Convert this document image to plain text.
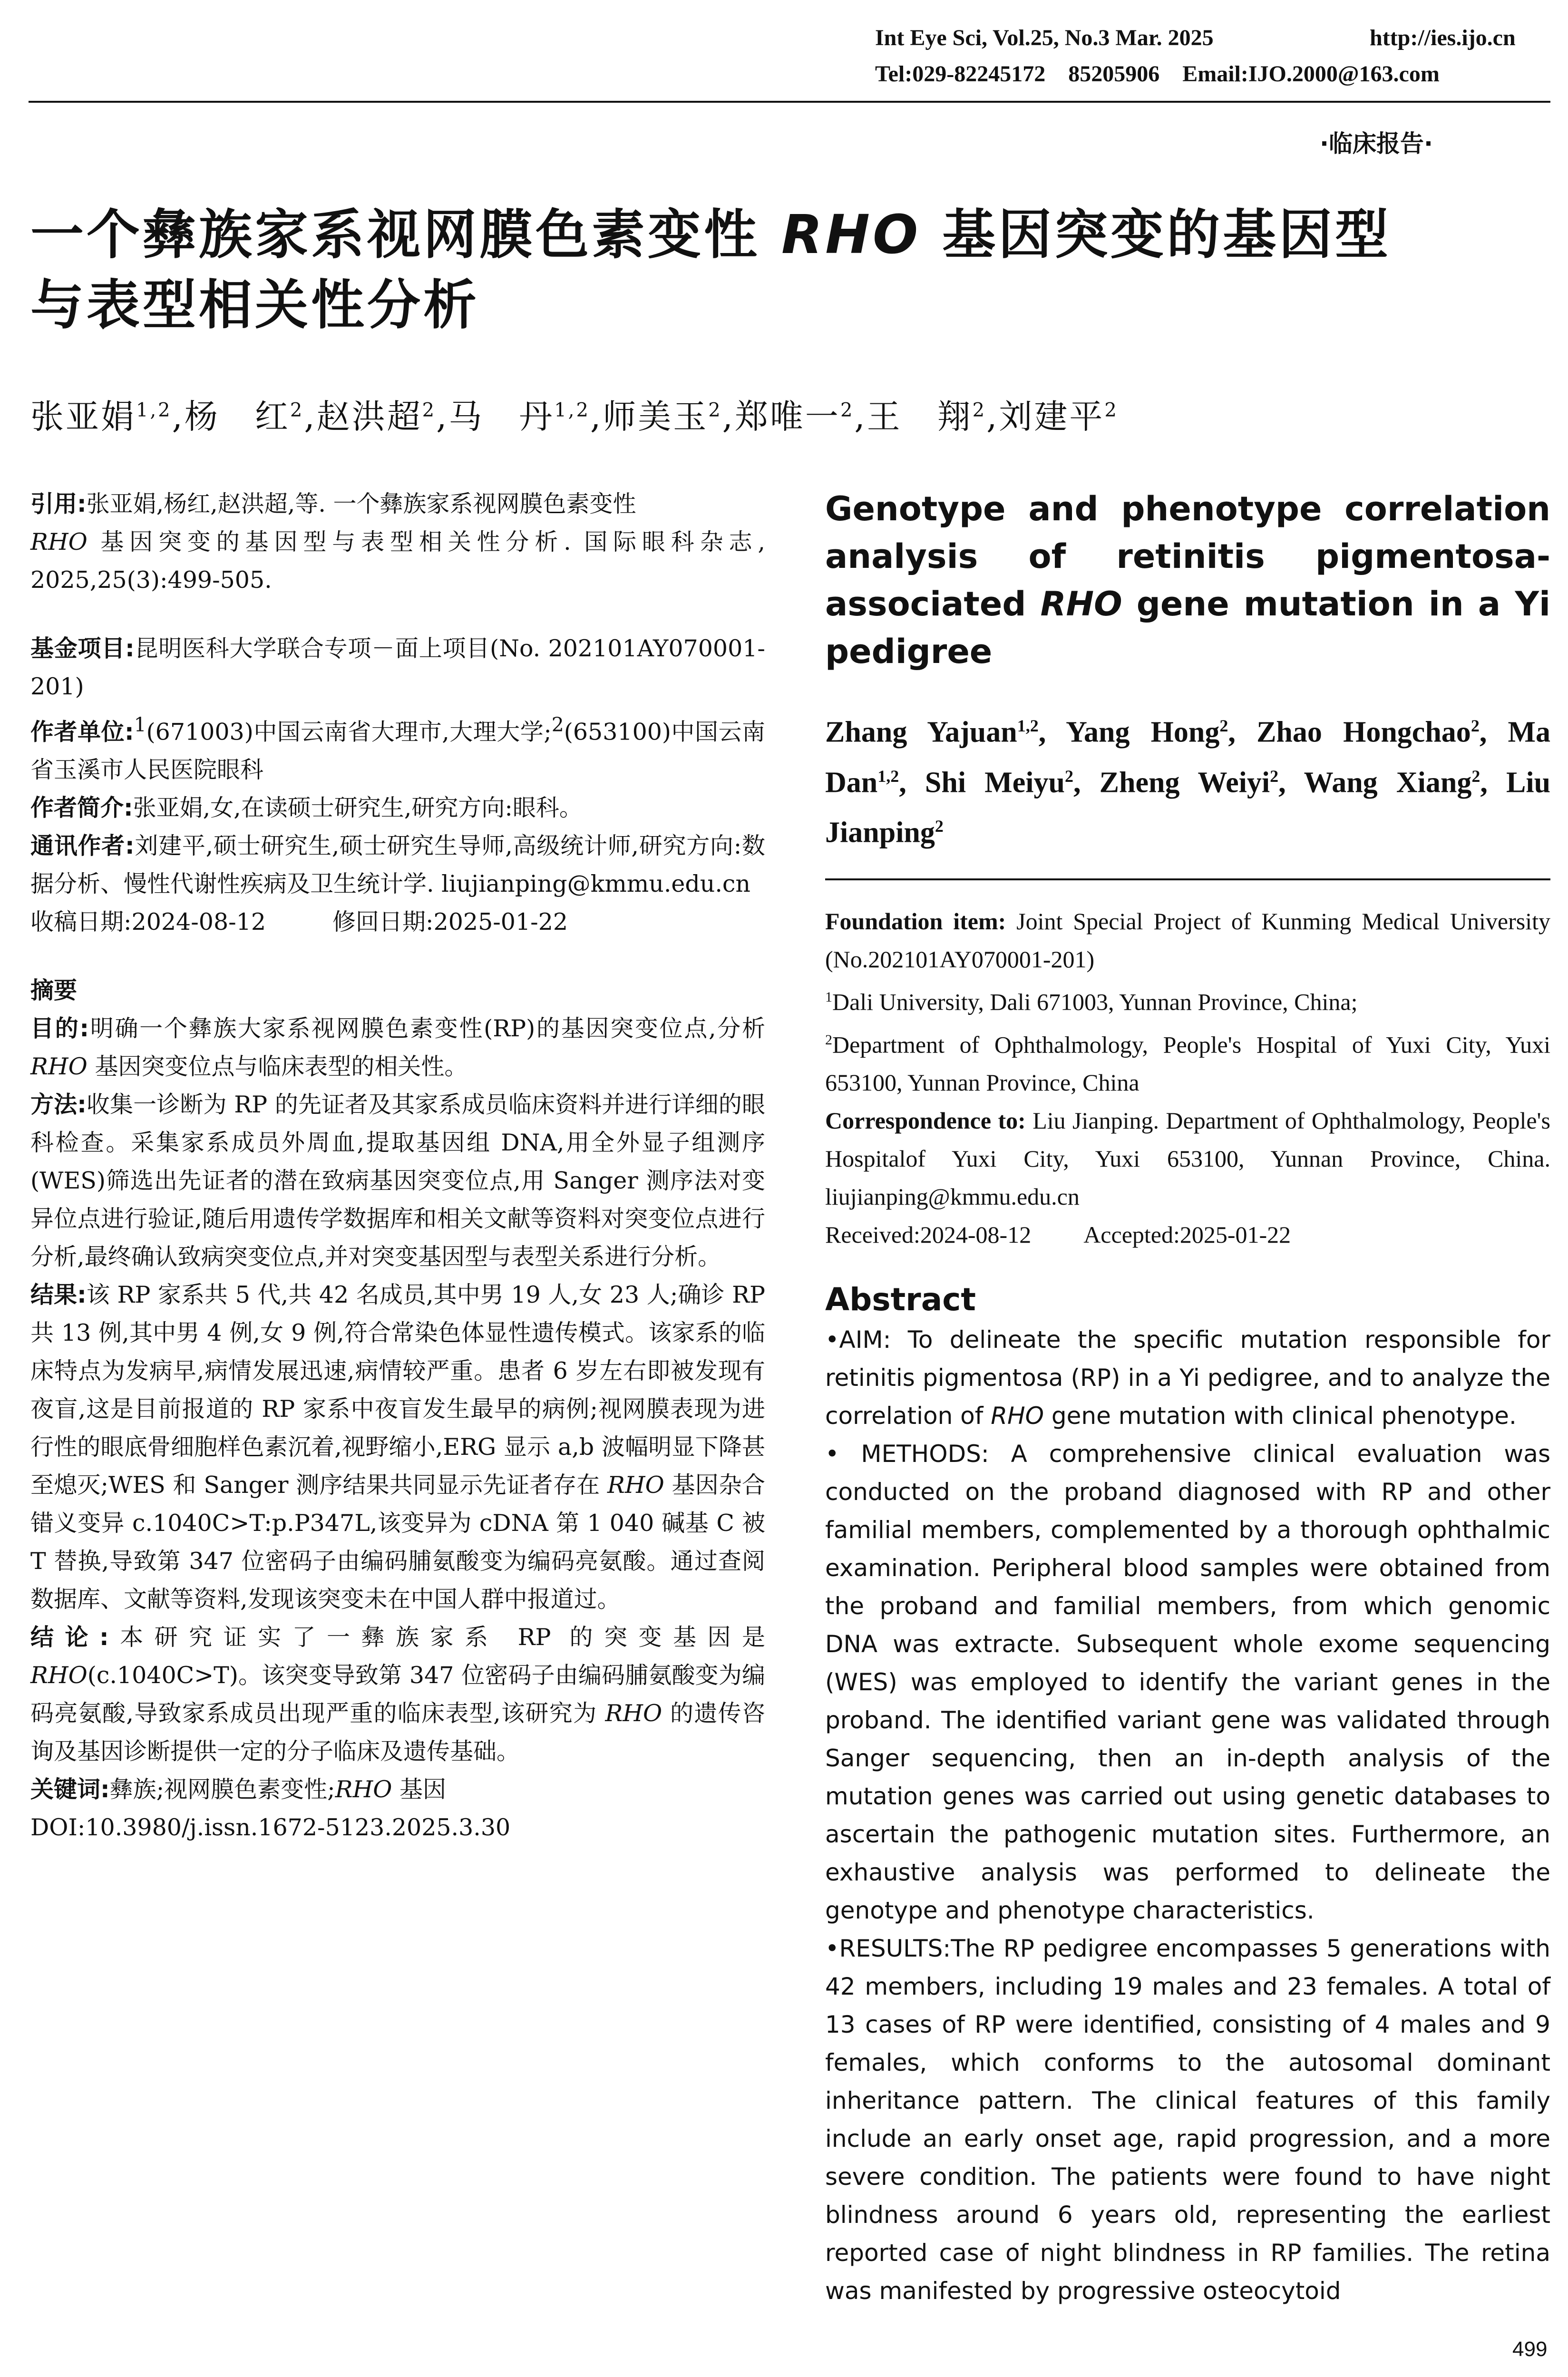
Int Eye Sci, Vol.25, No.3 Mar. 2025	http://ies.ijo.cn
Tel:029-82245172    85205906    Email:IJO.2000@163.com
·临床报告·
一个彝族家系视网膜色素变性 RHO 基因突变的基因型
与表型相关性分析
张亚娟$^{1,2}$,杨　红$^2$,赵洪超$^2$,马　丹$^{1,2}$,师美玉$^2$,郑唯一$^2$,王　翔$^2$,刘建平$^2$

引用:张亚娟,杨红,赵洪超,等. 一个彝族家系视网膜色素变性
RHO 基因突变的基因型与表型相关性分析. 国际眼科杂志, 2025,25(3):499-505.

基金项目:昆明医科大学联合专项－面上项目(No. 202101AY070001-201)

作者单位:$^1$(671003)中国云南省大理市,大理大学;$^2$(653100)中国云南省玉溪市人民医院眼科

作者简介:张亚娟,女,在读硕士研究生,研究方向:眼科。

通讯作者:刘建平,硕士研究生,硕士研究生导师,高级统计师,研究方向:数据分析、慢性代谢性疾病及卫生统计学. liujianping@kmmu.edu.cn

收稿日期:2024-08-12	修回日期:2025-01-22

摘要

目的:明确一个彝族大家系视网膜色素变性(RP)的基因突变位点,分析 RHO 基因突变位点与临床表型的相关性。

方法:收集一诊断为 RP 的先证者及其家系成员临床资料并进行详细的眼科检查。采集家系成员外周血,提取基因组 DNA,用全外显子组测序(WES)筛选出先证者的潜在致病基因突变位点,用 Sanger 测序法对变异位点进行验证,随后用遗传学数据库和相关文献等资料对突变位点进行分析,最终确认致病突变位点,并对突变基因型与表型关系进行分析。

结果:该 RP 家系共 5 代,共 42 名成员,其中男 19 人,女 23 人;确诊 RP 共 13 例,其中男 4 例,女 9 例,符合常染色体显性遗传模式。该家系的临床特点为发病早,病情发展迅速,病情较严重。患者 6 岁左右即被发现有夜盲,这是目前报道的 RP 家系中夜盲发生最早的病例;视网膜表现为进行性的眼底骨细胞样色素沉着,视野缩小,ERG 显示 a,b 波幅明显下降甚至熄灭;WES 和 Sanger 测序结果共同显示先证者存在 RHO 基因杂合错义变异 c.1040C>T:p.P347L,该变异为 cDNA 第 1 040 碱基 C 被 T 替换,导致第 347 位密码子由编码脯氨酸变为编码亮氨酸。通过查阅数据库、文献等资料,发现该突变未在中国人群中报道过。

结论:本研究证实了一彝族家系 RP 的突变基因是 RHO(c.1040C>T)。该突变导致第 347 位密码子由编码脯氨酸变为编码亮氨酸,导致家系成员出现严重的临床表型,该研究为 RHO 的遗传咨询及基因诊断提供一定的分子临床及遗传基础。

关键词:彝族;视网膜色素变性;RHO 基因

DOI:10.3980/j.issn.1672-5123.2025.3.30

Genotype and phenotype correlation analysis of retinitis pigmentosa-associated RHO gene mutation in a Yi pedigree
Zhang Yajuan$^{1,2}$, Yang Hong$^2$, Zhao Hongchao$^2$, Ma Dan$^{1,2}$, Shi Meiyu$^2$, Zheng Weiyi$^2$, Wang Xiang$^2$, Liu Jianping$^2$
Foundation item: Joint Special Project of Kunming Medical University (No.202101AY070001-201)
$^1$Dali University, Dali 671003, Yunnan Province, China;
$^2$Department of Ophthalmology, People's Hospital of Yuxi City, Yuxi 653100, Yunnan Province, China
Correspondence to: Liu Jianping. Department of Ophthalmology, People's Hospitalof Yuxi City, Yuxi 653100, Yunnan Province, China. liujianping@kmmu.edu.cn
Received:2024-08-12 Accepted:2025-01-22
Abstract
•AIM: To delineate the specific mutation responsible for retinitis pigmentosa (RP) in a Yi pedigree, and to analyze the correlation of RHO gene mutation with clinical phenotype.
• METHODS: A comprehensive clinical evaluation was conducted on the proband diagnosed with RP and other familial members, complemented by a thorough ophthalmic examination. Peripheral blood samples were obtained from the proband and familial members, from which genomic DNA was extracte. Subsequent whole exome sequencing (WES) was employed to identify the variant genes in the proband. The identified variant gene was validated through Sanger sequencing, then an in-depth analysis of the mutation genes was carried out using genetic databases to ascertain the pathogenic mutation sites. Furthermore, an exhaustive analysis was performed to delineate the genotype and phenotype characteristics.
•RESULTS:The RP pedigree encompasses 5 generations with 42 members, including 19 males and 23 females. A total of 13 cases of RP were identified, consisting of 4 males and 9 females, which conforms to the autosomal dominant inheritance pattern. The clinical features of this family include an early onset age, rapid progression, and a more severe condition. The patients were found to have night blindness around 6 years old, representing the earliest reported case of night blindness in RP families. The retina was manifested by progressive osteocytoid
499
